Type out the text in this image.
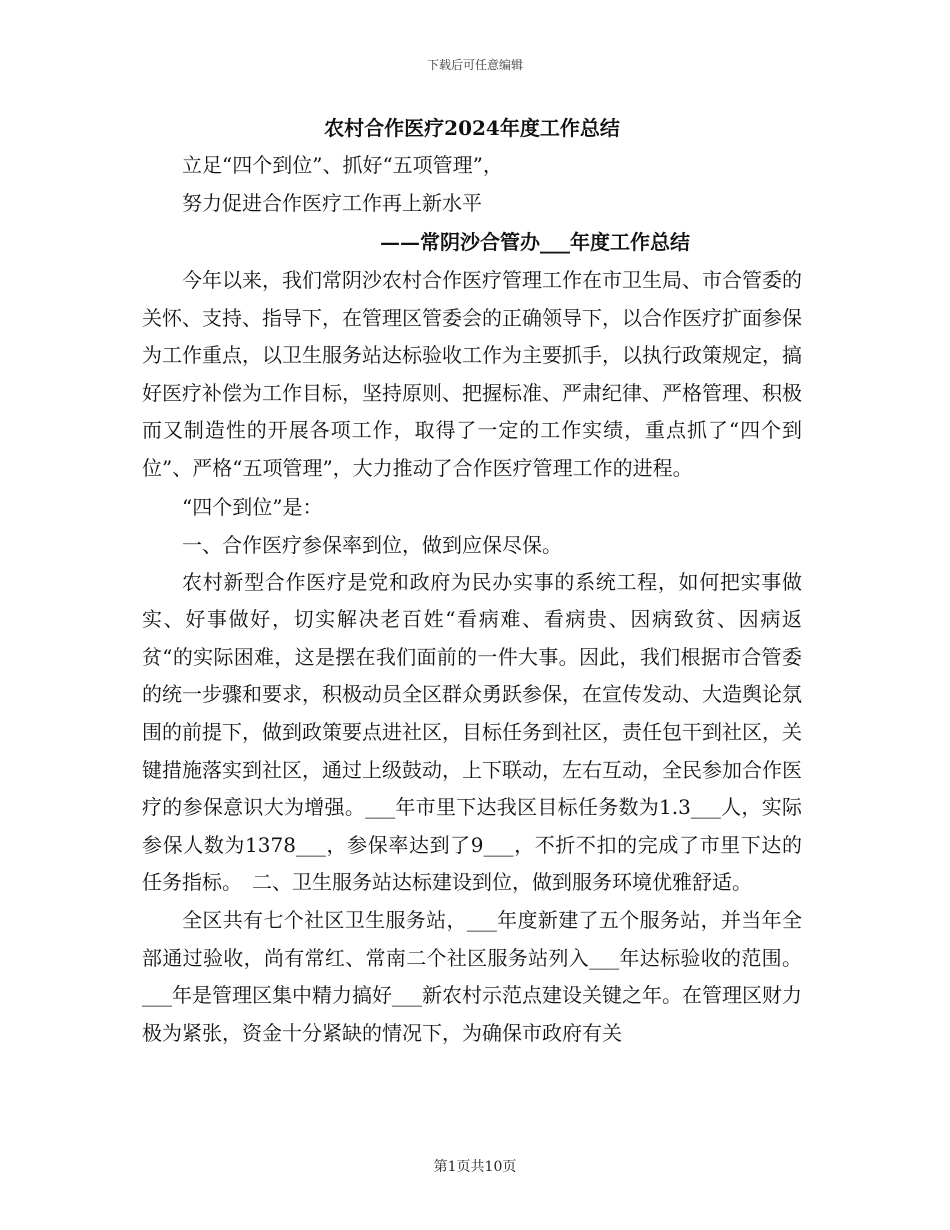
下载后可任意编辑
农村合作医疗2024年度工作总结
立足“四个到位”、抓好“五项管理”，
努力促进合作医疗工作再上新水平
——常阴沙合管办___年度工作总结

今年以来，我们常阴沙农村合作医疗管理工作在市卫生局、市合管委的关怀、支持、指导下，在管理区管委会的正确领导下，以合作医疗扩面参保为工作重点，以卫生服务站达标验收工作为主要抓手，以执行政策规定，搞好医疗补偿为工作目标，坚持原则、把握标准、严肃纪律、严格管理、积极而又制造性的开展各项工作，取得了一定的工作实绩，重点抓了“四个到位”、严格“五项管理”，大力推动了合作医疗管理工作的进程。

“四个到位”是：
一、合作医疗参保率到位，做到应保尽保。

农村新型合作医疗是党和政府为民办实事的系统工程，如何把实事做实、好事做好，切实解决老百姓“看病难、看病贵、因病致贫、因病返贫“的实际困难，这是摆在我们面前的一件大事。因此，我们根据市合管委的统一步骤和要求，积极动员全区群众勇跃参保，在宣传发动、大造舆论氛围的前提下，做到政策要点进社区，目标任务到社区，责任包干到社区，关键措施落实到社区，通过上级鼓动，上下联动，左右互动，全民参加合作医疗的参保意识大为增强。___年市里下达我区目标任务数为1.3___人，实际参保人数为1378___，参保率达到了9___，不折不扣的完成了市里下达的任务指标。　二、卫生服务站达标建设到位，做到服务环境优雅舒适。

全区共有七个社区卫生服务站，___年度新建了五个服务站，并当年全部通过验收，尚有常红、常南二个社区服务站列入___年达标验收的范围。___年是管理区集中精力搞好___新农村示范点建设关键之年。在管理区财力极为紧张，资金十分紧缺的情况下，为确保市政府有关

第1页共10页
